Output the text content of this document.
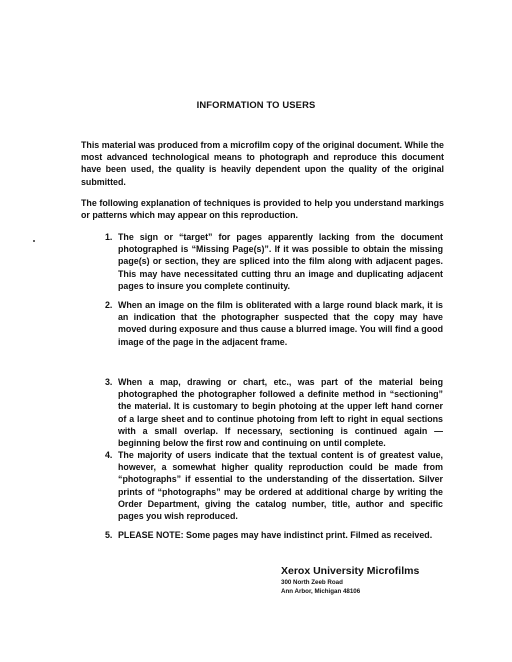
INFORMATION TO USERS
This material was produced from a microfilm copy of the original document. While the most advanced technological means to photograph and reproduce this document have been used, the quality is heavily dependent upon the quality of the original submitted.
The following explanation of techniques is provided to help you understand markings or patterns which may appear on this reproduction.
1. The sign or “target” for pages apparently lacking from the document photographed is “Missing Page(s)”. If it was possible to obtain the missing page(s) or section, they are spliced into the film along with adjacent pages. This may have necessitated cutting thru an image and duplicating adjacent pages to insure you complete continuity.
2. When an image on the film is obliterated with a large round black mark, it is an indication that the photographer suspected that the copy may have moved during exposure and thus cause a blurred image. You will find a good image of the page in the adjacent frame.
3. When a map, drawing or chart, etc., was part of the material being photographed the photographer followed a definite method in “sectioning” the material. It is customary to begin photoing at the upper left hand corner of a large sheet and to continue photoing from left to right in equal sections with a small overlap. If necessary, sectioning is continued again — beginning below the first row and continuing on until complete.
4. The majority of users indicate that the textual content is of greatest value, however, a somewhat higher quality reproduction could be made from “photographs” if essential to the understanding of the dissertation. Silver prints of “photographs” may be ordered at additional charge by writing the Order Department, giving the catalog number, title, author and specific pages you wish reproduced.
5. PLEASE NOTE: Some pages may have indistinct print. Filmed as received.
Xerox University Microfilms
300 North Zeeb Road
Ann Arbor, Michigan 48106
